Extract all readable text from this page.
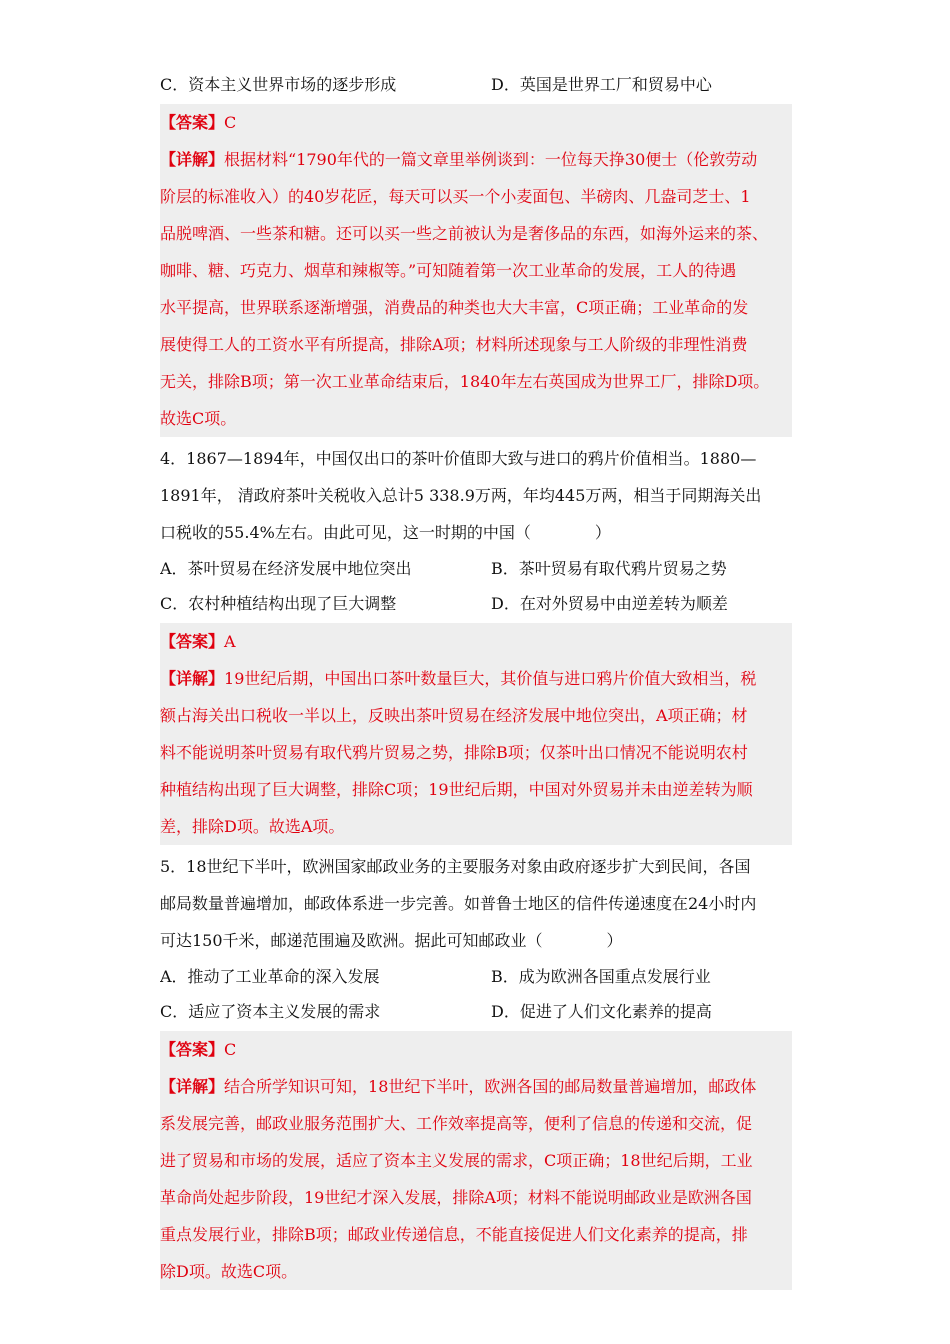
C．资本主义世界市场的逐步形成	D．英国是世界工厂和贸易中心
【答案】C
【详解】根据材料“1790年代的一篇文章里举例谈到：一位每天挣30便士（伦敦劳动
阶层的标准收入）的40岁花匠，每天可以买一个小麦面包、半磅肉、几盎司芝士、1
品脱啤酒、一些茶和糖。还可以买一些之前被认为是奢侈品的东西，如海外运来的茶、
咖啡、糖、巧克力、烟草和辣椒等。”可知随着第一次工业革命的发展，工人的待遇
水平提高，世界联系逐渐增强，消费品的种类也大大丰富，C项正确；工业革命的发
展使得工人的工资水平有所提高，排除A项；材料所述现象与工人阶级的非理性消费
无关，排除B项；第一次工业革命结束后，1840年左右英国成为世界工厂，排除D项。
故选C项。
4．1867—1894年，中国仅出口的茶叶价值即大致与进口的鸦片价值相当。1880—
1891年， 清政府茶叶关税收入总计5 338.9万两，年均445万两，相当于同期海关出
口税收的55.4%左右。由此可见，这一时期的中国（　　　　）
A．茶叶贸易在经济发展中地位突出	B．茶叶贸易有取代鸦片贸易之势
C．农村种植结构出现了巨大调整	D．在对外贸易中由逆差转为顺差
【答案】A
【详解】19世纪后期，中国出口茶叶数量巨大，其价值与进口鸦片价值大致相当，税
额占海关出口税收一半以上，反映出茶叶贸易在经济发展中地位突出，A项正确；材
料不能说明茶叶贸易有取代鸦片贸易之势，排除B项；仅茶叶出口情况不能说明农村
种植结构出现了巨大调整，排除C项；19世纪后期，中国对外贸易并未由逆差转为顺
差，排除D项。故选A项。
5．18世纪下半叶，欧洲国家邮政业务的主要服务对象由政府逐步扩大到民间，各国
邮局数量普遍增加，邮政体系进一步完善。如普鲁士地区的信件传递速度在24小时内
可达150千米，邮递范围遍及欧洲。据此可知邮政业（　　　　）
A．推动了工业革命的深入发展	B．成为欧洲各国重点发展行业
C．适应了资本主义发展的需求	D．促进了人们文化素养的提高
【答案】C
【详解】结合所学知识可知，18世纪下半叶，欧洲各国的邮局数量普遍增加，邮政体
系发展完善，邮政业服务范围扩大、工作效率提高等，便利了信息的传递和交流，促
进了贸易和市场的发展，适应了资本主义发展的需求，C项正确；18世纪后期，工业
革命尚处起步阶段，19世纪才深入发展，排除A项；材料不能说明邮政业是欧洲各国
重点发展行业，排除B项；邮政业传递信息，不能直接促进人们文化素养的提高，排
除D项。故选C项。
